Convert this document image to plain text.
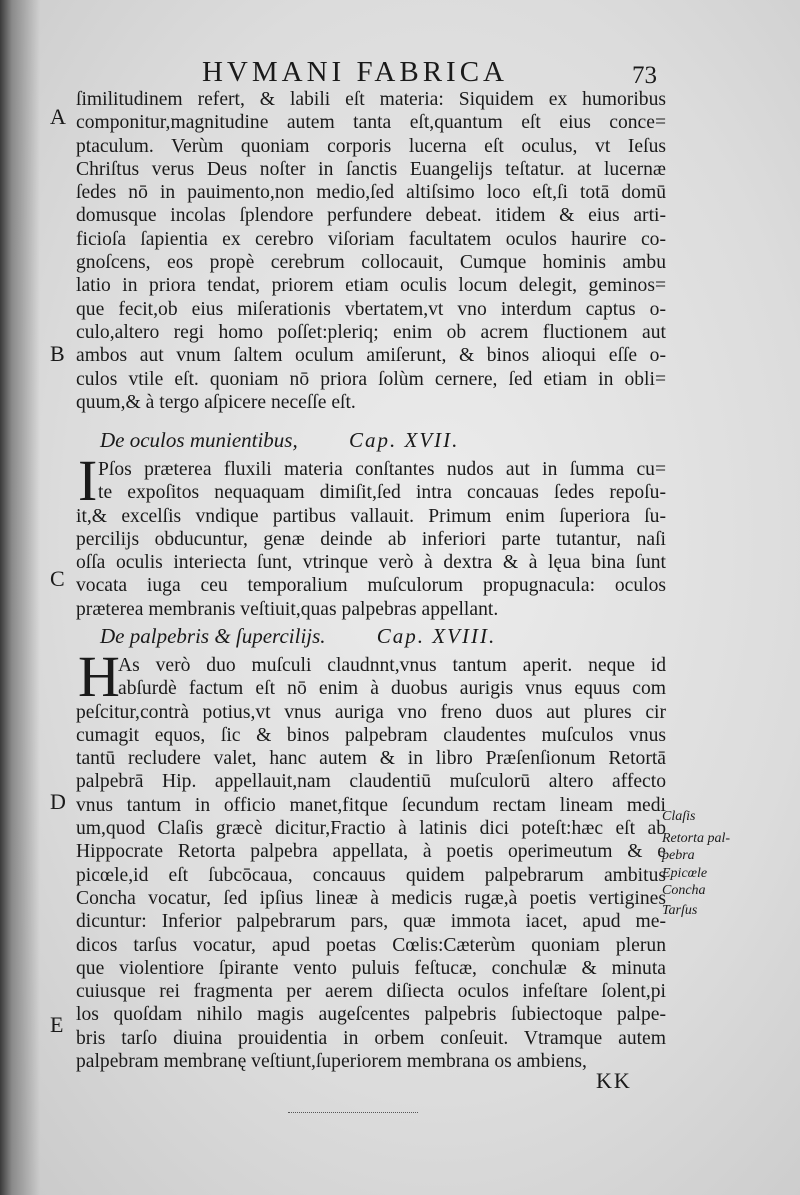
HVMANI FABRICA	73
A
B
C
D
E
ſimilitudinem refert, & labili eſt materia: Siquidem ex humoribus
componitur,magnitudine autem tanta eſt,quantum eſt eius conce=
ptaculum. Verùm quoniam corporis lucerna eſt oculus, vt Ieſus
Chriſtus verus Deus noſter in ſanctis Euangelijs teſtatur. at lucernæ
ſedes nō in pauimento,non medio,ſed altiſsimo loco eſt,ſi totā domū
domusque incolas ſplendore perfundere debeat. itidem & eius arti-
ficioſa ſapientia ex cerebro viſoriam facultatem oculos haurire co-
gnoſcens, eos propè cerebrum collocauit, Cumque hominis ambu
latio in priora tendat, priorem etiam oculis locum delegit, geminos=
que fecit,ob eius miſerationis vbertatem,vt vno interdum captus o-
culo,altero regi homo poſſet:pleriq; enim ob acrem fluctionem aut
ambos aut vnum ſaltem oculum amiſerunt, & binos alioqui eſſe o-
culos vtile eſt. quoniam nō priora ſolùm cernere, ſed etiam in obli=
quum,& à tergo aſpicere neceſſe eſt.
De oculos munientibus, Cap. XVII.
I Pſos præterea fluxili materia conſtantes nudos aut in ſumma cu=
te expoſitos nequaquam dimiſit,ſed intra concauas ſedes repoſu-
it,& excelſis vndique partibus vallauit. Primum enim ſuperiora ſu-
percilijs obducuntur, genæ deinde ab inferiori parte tutantur, naſi
oſſa oculis interiecta ſunt, vtrinque verò à dextra & à lęua bina ſunt
vocata iuga ceu temporalium muſculorum propugnacula: oculos
præterea membranis veſtiuit,quas palpebras appellant.
De palpebris & ſupercilijs. Cap. XVIII.
H
As verò duo muſculi claudnnt,vnus tantum aperit. neque id
abſurdè factum eſt nō enim à duobus aurigis vnus equus com
peſcitur,contrà potius,vt vnus auriga vno freno duos aut plures cir
cumagit equos, ſic & binos palpebram claudentes muſculos vnus
tantū recludere valet, hanc autem & in libro Præſenſionum Retortā
palpebrā Hip. appellauit,nam claudentiū muſculorū altero affecto
vnus tantum in officio manet,fitque ſecundum rectam lineam medi
um,quod Claſis græcè dicitur,Fractio à latinis dici poteſt:hæc eſt ab
Hippocrate Retorta palpebra appellata, à poetis operimeutum & e
picœle,id eſt ſubcōcaua, concauus quidem palpebrarum ambitus
Concha vocatur, ſed ipſius lineæ à medicis rugæ,à poetis vertigines
dicuntur: Inferior palpebrarum pars, quæ immota iacet, apud me-
dicos tarſus vocatur, apud poetas Cœlis:Cæterùm quoniam plerun
que violentiore ſpirante vento puluis feſtucæ, conchulæ & minuta
cuiusque rei fragmenta per aerem diſiecta oculos infeſtare ſolent,pi
los quoſdam nihilo magis augeſcentes palpebris ſubiectoque palpe-
bris tarſo diuina prouidentia in orbem conſeuit. Vtramque autem
palpebram membranę veſtiunt,ſuperiorem membrana os ambiens,
Claſis
Retorta pal-
pebra
Epicœle
Concha
Tarſus
KK
